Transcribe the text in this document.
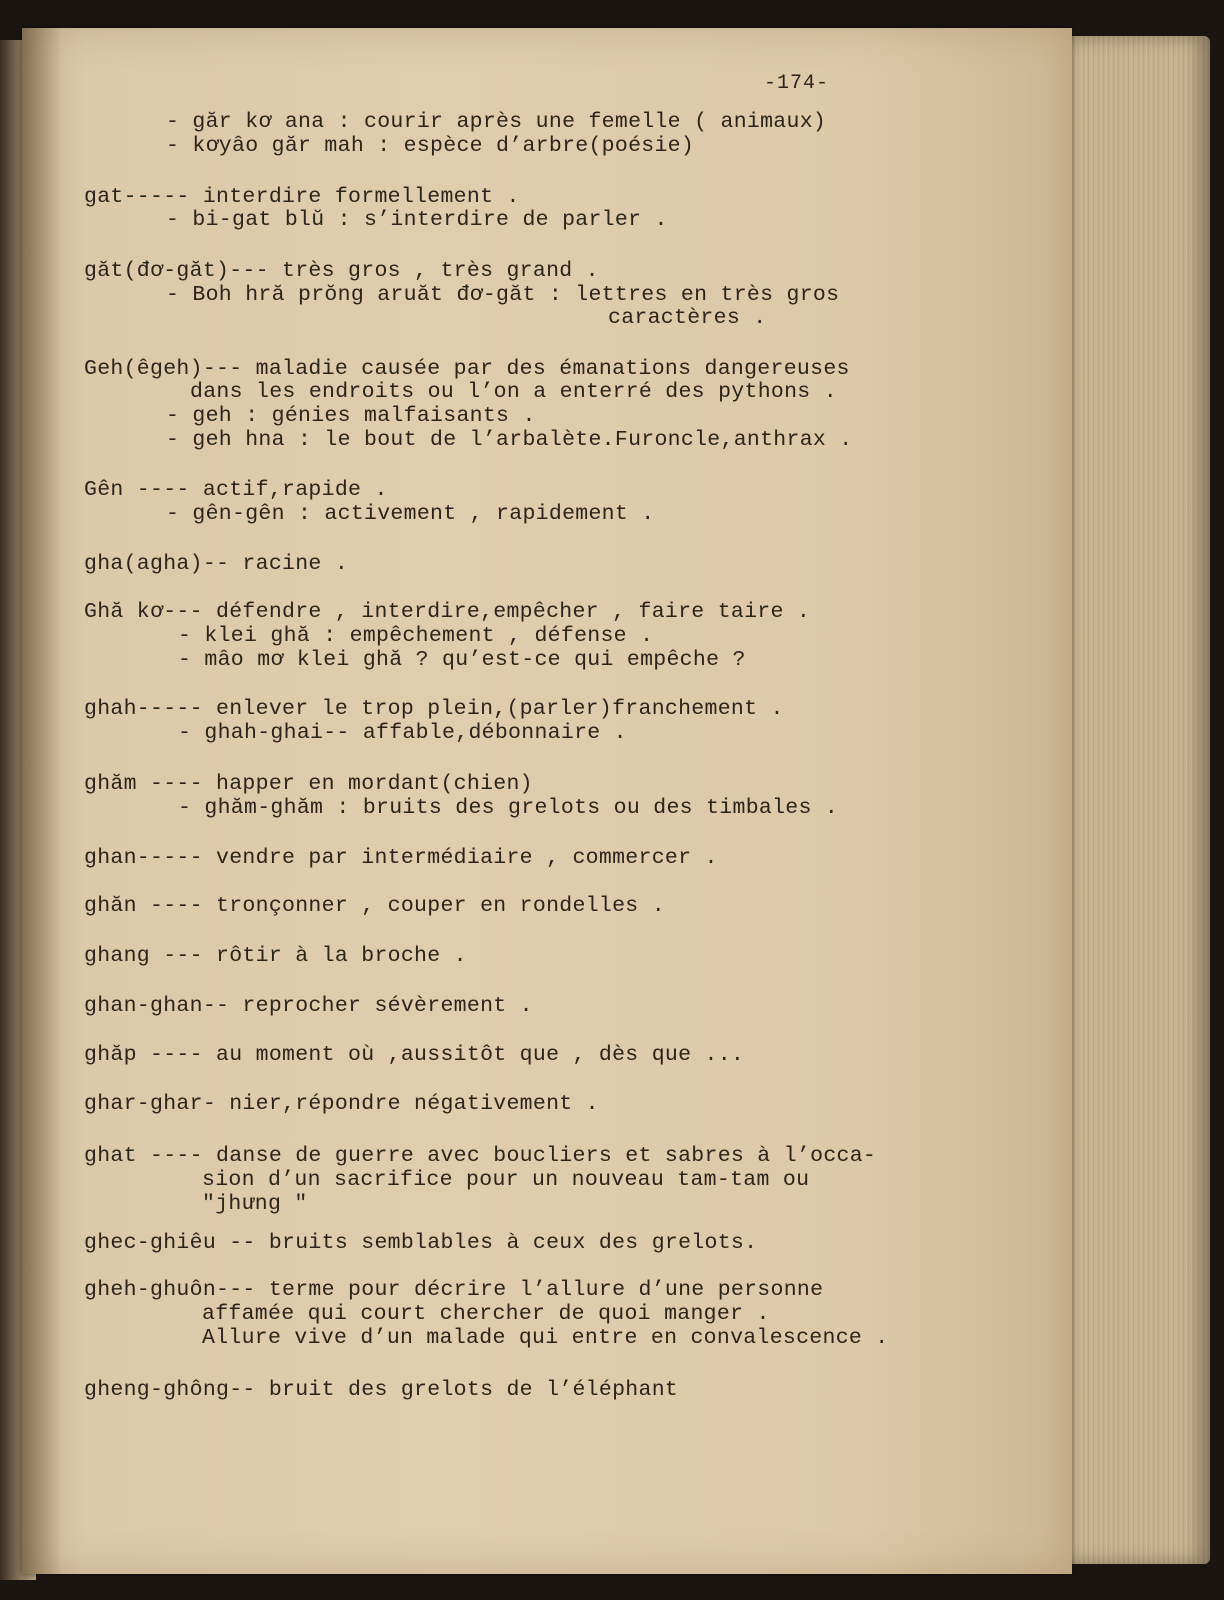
-174-
- găr kơ ana : courir après une femelle ( animaux)
- kơyâo găr mah : espèce d’arbre(poésie)
gat----- interdire formellement .
- bi-gat blŭ : s’interdire de parler .
găt(đơ-găt)--- très gros , très grand .
- Boh hră prŏng aruăt đơ-găt : lettres en très gros
caractères .
Geh(êgeh)--- maladie causée par des émanations dangereuses
dans les endroits ou l’on a enterré des pythons .
- geh : génies malfaisants .
- geh hna : le bout de l’arbalète.Furoncle,anthrax .
Gên ---- actif,rapide .
- gên-gên : activement , rapidement .
gha(agha)-- racine .
Ghă kơ--- défendre , interdire,empêcher , faire taire .
- klei ghă : empêchement , défense .
- mâo mơ klei ghă ? qu’est-ce qui empêche ?
ghah----- enlever le trop plein,(parler)franchement .
- ghah-ghai-- affable,débonnaire .
ghăm ---- happer en mordant(chien)
- ghăm-ghăm : bruits des grelots ou des timbales .
ghan----- vendre par intermédiaire , commercer .
ghăn ---- tronçonner , couper en rondelles .
ghang --- rôtir à la broche .
ghan-ghan-- reprocher sévèrement .
ghăp ---- au moment où ,aussitôt que , dès que ...
ghar-ghar- nier,répondre négativement .
ghat ---- danse de guerre avec boucliers et sabres à l’occa-
sion d’un sacrifice pour un nouveau tam-tam ou
"jhưng "
ghec-ghiêu -- bruits semblables à ceux des grelots.
gheh-ghuôn--- terme pour décrire l’allure d’une personne
affamée qui court chercher de quoi manger .
Allure vive d’un malade qui entre en convalescence .
gheng-ghông-- bruit des grelots de l’éléphant
